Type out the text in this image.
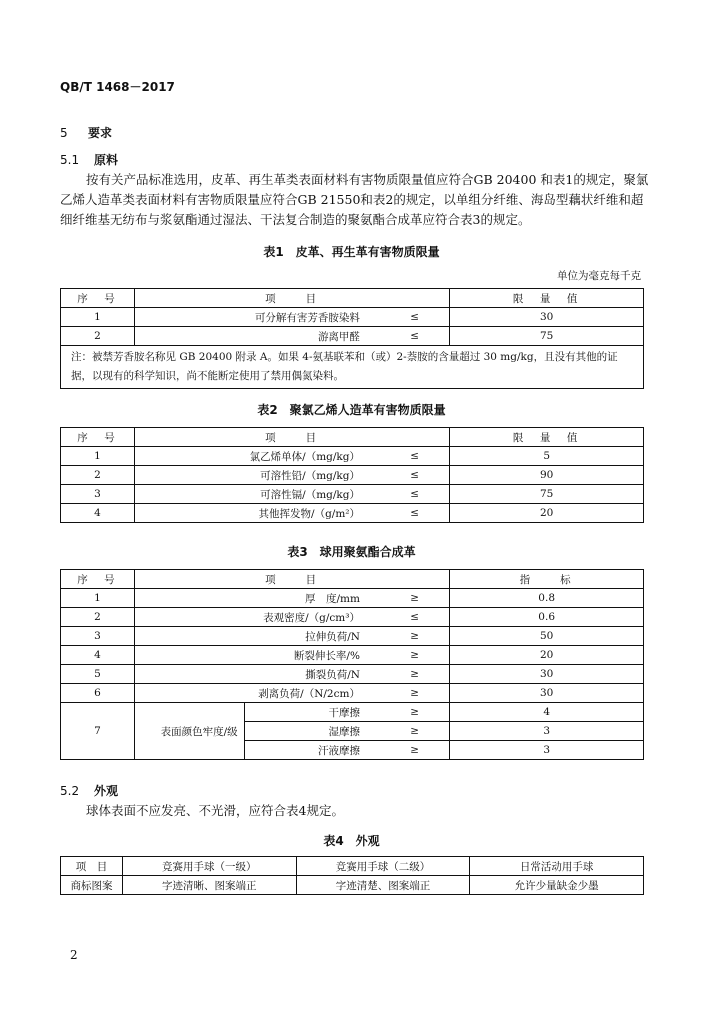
QB/T 1468－2017
5 要求
5.1 原料
按有关产品标准选用，皮革、再生革类表面材料有害物质限量值应符合GB 20400 和表1的规定，聚氯乙烯人造革类表面材料有害物质限量应符合GB 21550和表2的规定，以单组分纤维、海岛型藕状纤维和超细纤维基无纺布与浆氨酯通过湿法、干法复合制造的聚氨酯合成革应符合表3的规定。
表1　皮革、再生革有害物质限量
单位为毫克每千克
序　号	项　　目		限　量　值
1	可分解有害芳香胺染料	≤	30
2	游离甲醛	≤	75
注：被禁芳香胺名称见 GB 20400 附录 A。如果 4-氨基联苯和（或）2-萘胺的含量超过 30 mg/kg，且没有其他的证据，以现有的科学知识，尚不能断定使用了禁用偶氮染料。			
表2　聚氯乙烯人造革有害物质限量
序　号	项　　目		限　量　值
1	氯乙烯单体/（mg/kg）	≤	5
2	可溶性铅/（mg/kg）	≤	90
3	可溶性镉/（mg/kg）	≤	75
4	其他挥发物/（g/m²）	≤	20
表3　球用聚氨酯合成革
序　号	项　　目			指　　标
1	厚　度/mm		≥	0.8
2	表观密度/（g/cm³）		≤	0.6
3	拉伸负荷/N		≥	50
4	断裂伸长率/%		≥	20
5	撕裂负荷/N		≥	30
6	剥离负荷/（N/2cm）		≥	30
7	表面颜色牢度/级	干摩擦	≥	4
		湿摩擦	≥	3
		汗液摩擦	≥	3
5.2 外观
球体表面不应发亮、不光滑，应符合表4规定。
表4　外观
项　目	竞赛用手球（一级）	竞赛用手球（二级）	日常活动用手球
商标图案	字迹清晰、图案端正	字迹清楚、图案端正	允许少量缺金少墨
2
